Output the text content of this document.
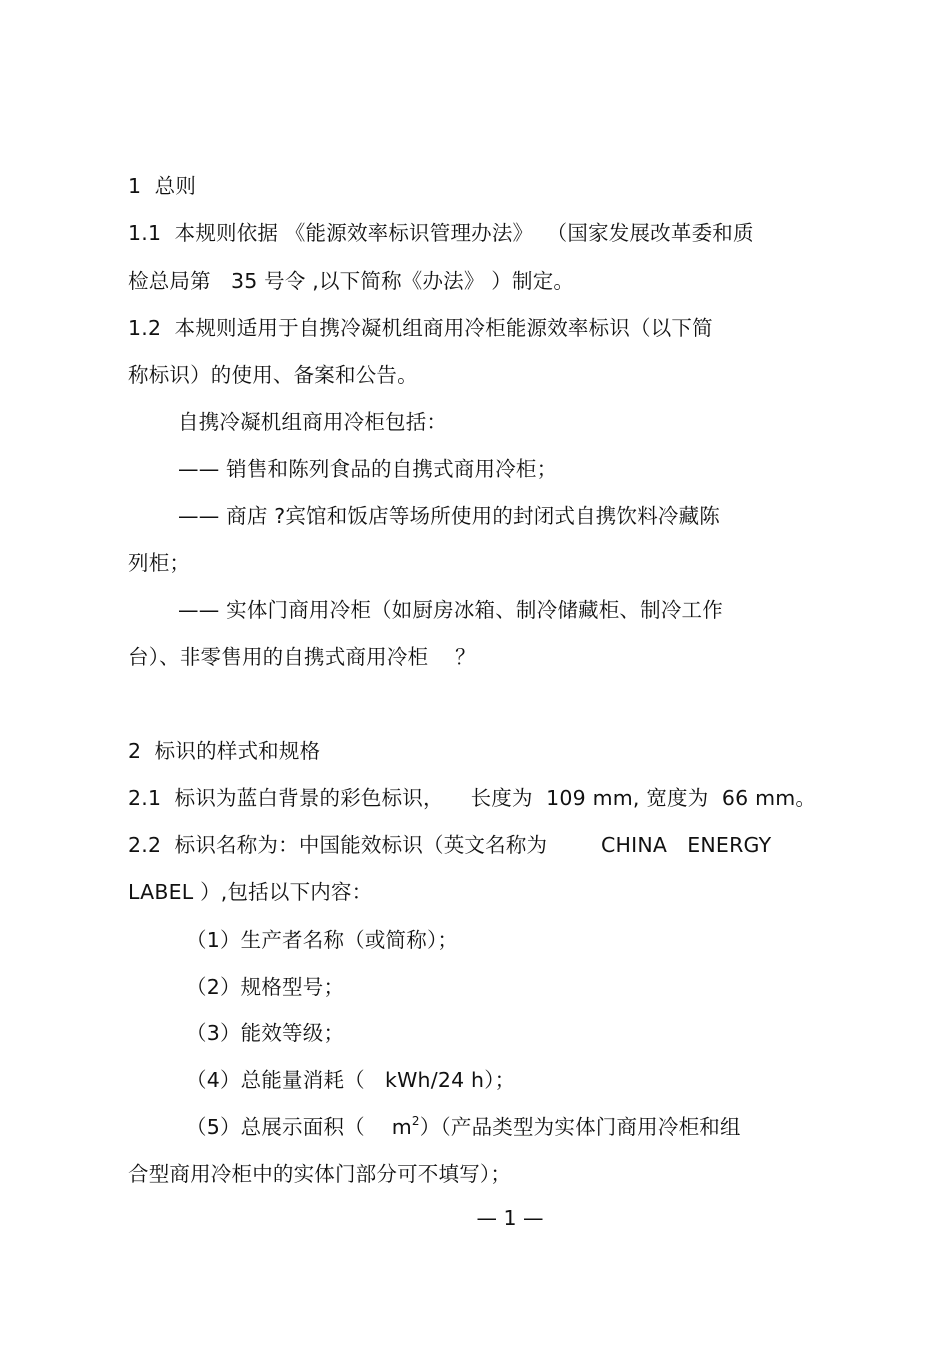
1  总则
1.1  本规则依据 《能源效率标识管理办法》  （国家发展改革委和质
检总局第   35 号令 ,以下简称《办法》 ）制定。
1.2  本规则适用于自携冷凝机组商用冷柜能源效率标识（以下简
称标识）的使用、备案和公告。
自携冷凝机组商用冷柜包括：
—— 销售和陈列食品的自携式商用冷柜；
—— 商店 ?宾馆和饭店等场所使用的封闭式自携饮料冷藏陈
列柜；
—— 实体门商用冷柜（如厨房冰箱、制冷储藏柜、制冷工作
台）、非零售用的自携式商用冷柜    ？
2  标识的样式和规格
2.1  标识为蓝白背景的彩色标识，    长度为  109 mm, 宽度为  66 mm。
2.2  标识名称为：中国能效标识（英文名称为        CHINA   ENERGY
LABEL ）,包括以下内容：
（1）生产者名称（或简称）；
（2）规格型号；
（3）能效等级；
（4）总能量消耗（   kWh/24 h）；
（5）总展示面积（    $m^2$）（产品类型为实体门商用冷柜和组
合型商用冷柜中的实体门部分可不填写）；
— 1 —
